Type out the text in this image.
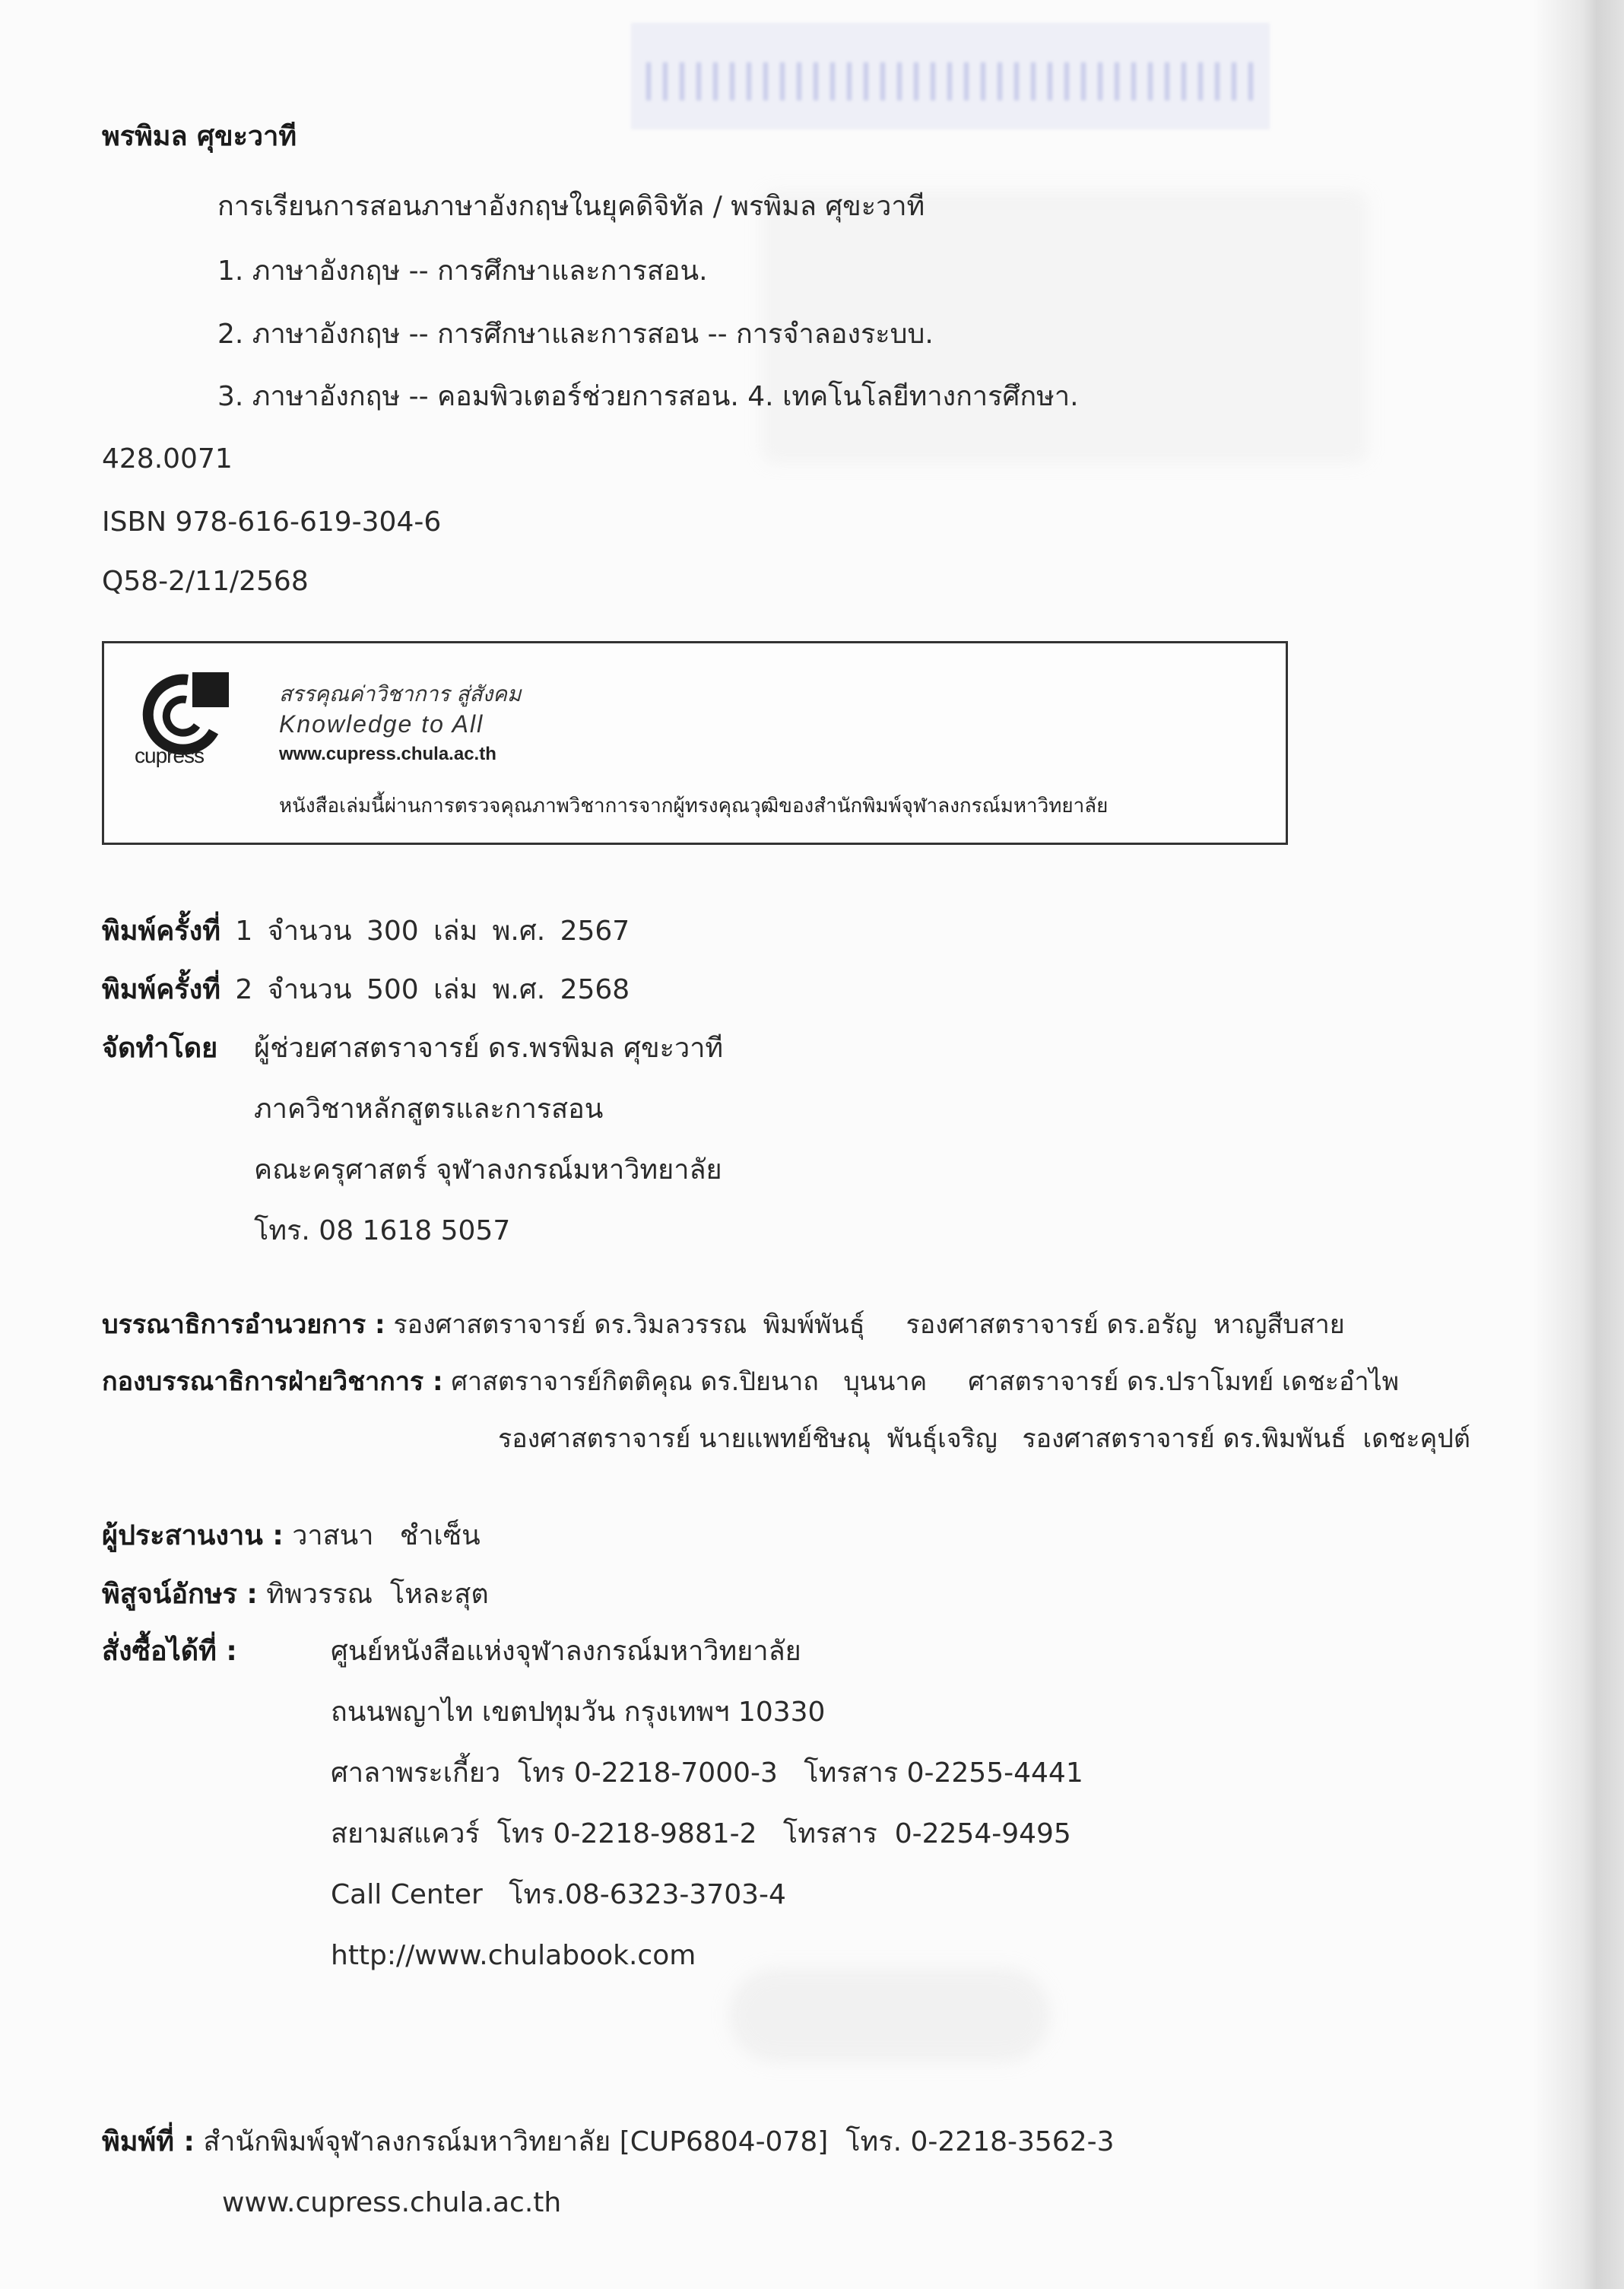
พรพิมล ศุขะวาที
การเรียนการสอนภาษาอังกฤษในยุคดิจิทัล / พรพิมล ศุขะวาที
1. ภาษาอังกฤษ -- การศึกษาและการสอน.
2. ภาษาอังกฤษ -- การศึกษาและการสอน -- การจำลองระบบ.
3. ภาษาอังกฤษ -- คอมพิวเตอร์ช่วยการสอน. 4. เทคโนโลยีทางการศึกษา.
428.0071
ISBN 978-616-619-304-6
Q58-2/11/2568
cupress
สรรคุณค่าวิชาการ สู่สังคม
Knowledge to All
www.cupress.chula.ac.th
หนังสือเล่มนี้ผ่านการตรวจคุณภาพวิชาการจากผู้ทรงคุณวุฒิของสำนักพิมพ์จุฬาลงกรณ์มหาวิทยาลัย
พิมพ์ครั้งที่ 1 จำนวน 300 เล่ม พ.ศ. 2567
พิมพ์ครั้งที่ 2 จำนวน 500 เล่ม พ.ศ. 2568
จัดทำโดย ผู้ช่วยศาสตราจารย์ ดร.พรพิมล ศุขะวาที
ภาควิชาหลักสูตรและการสอน
คณะครุศาสตร์ จุฬาลงกรณ์มหาวิทยาลัย
โทร. 08 1618 5057
บรรณาธิการอำนวยการ : รองศาสตราจารย์ ดร.วิมลวรรณ  พิมพ์พันธุ์     รองศาสตราจารย์ ดร.อรัญ  หาญสืบสาย
กองบรรณาธิการฝ่ายวิชาการ : ศาสตราจารย์กิตติคุณ ดร.ปิยนาถ   บุนนาค     ศาสตราจารย์ ดร.ปราโมทย์ เดชะอำไพ
รองศาสตราจารย์ นายแพทย์ชิษณุ  พันธุ์เจริญ   รองศาสตราจารย์ ดร.พิมพันธ์  เดชะคุปต์
ผู้ประสานงาน : วาสนา   ชำเซ็น
พิสูจน์อักษร : ทิพวรรณ  โหละสุต
สั่งซื้อได้ที่ :	ศูนย์หนังสือแห่งจุฬาลงกรณ์มหาวิทยาลัย
ถนนพญาไท เขตปทุมวัน กรุงเทพฯ 10330
ศาลาพระเกี้ยว  โทร 0-2218-7000-3   โทรสาร 0-2255-4441
สยามสแควร์  โทร 0-2218-9881-2   โทรสาร  0-2254-9495
Call Center   โทร.08-6323-3703-4
http://www.chulabook.com
พิมพ์ที่ : สำนักพิมพ์จุฬาลงกรณ์มหาวิทยาลัย [CUP6804-078]  โทร. 0-2218-3562-3
www.cupress.chula.ac.th
